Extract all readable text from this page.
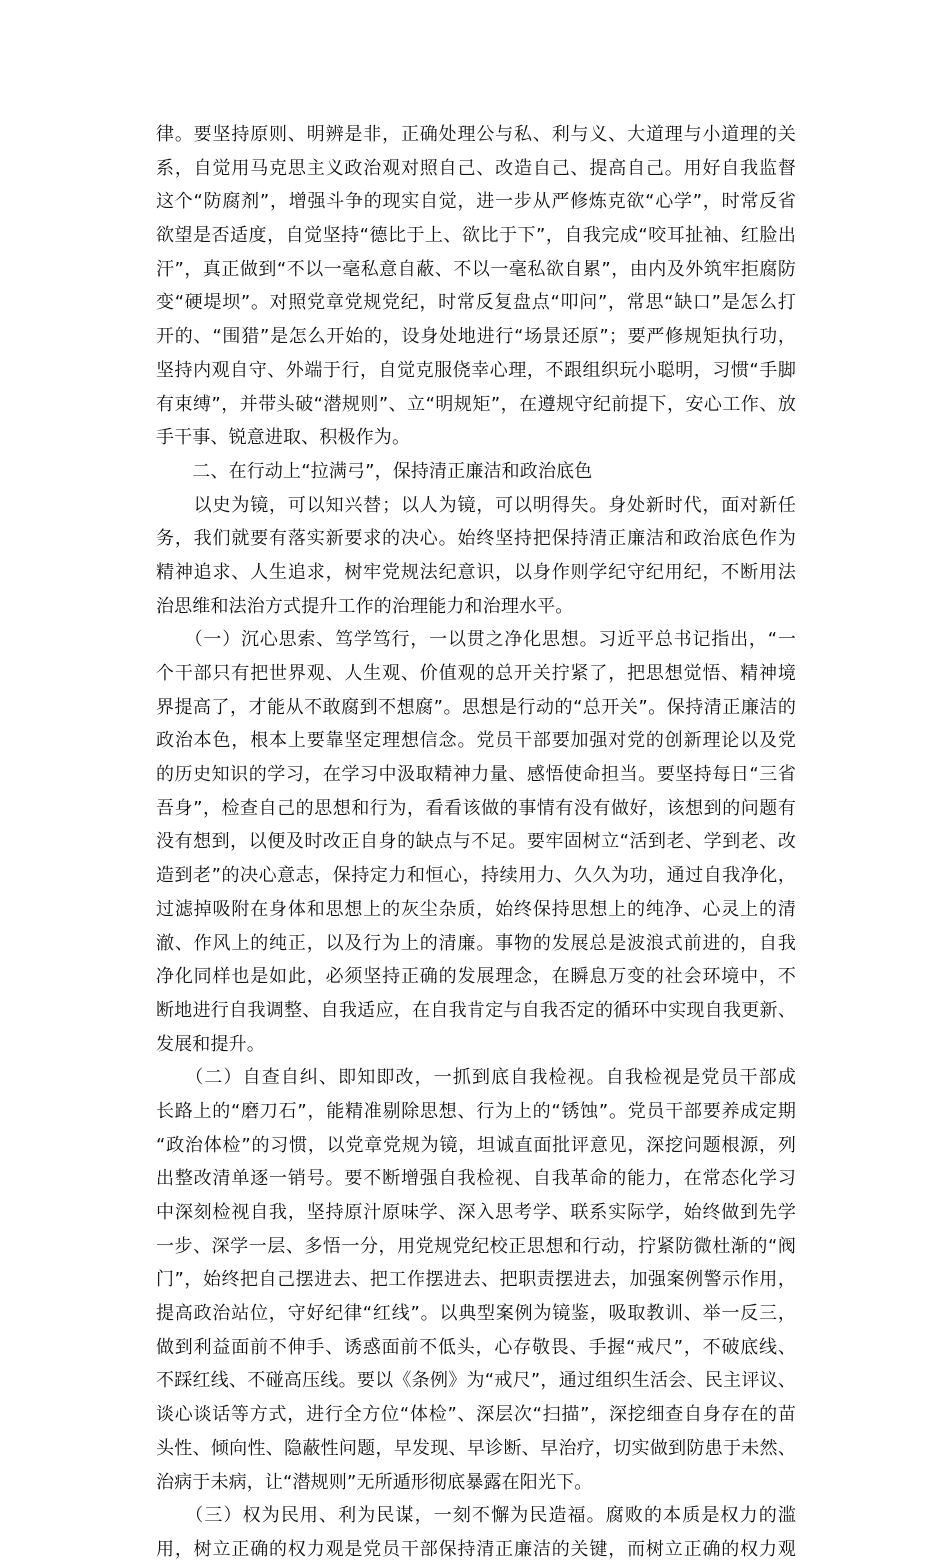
律。要坚持原则、明辨是非，正确处理公与私、利与义、大道理与小道理的关
系，自觉用马克思主义政治观对照自己、改造自己、提高自己。用好自我监督
这个“防腐剂”，增强斗争的现实自觉，进一步从严修炼克欲“心学”，时常反省
欲望是否适度，自觉坚持“德比于上、欲比于下”，自我完成“咬耳扯袖、红脸出
汗”，真正做到“不以一毫私意自蔽、不以一毫私欲自累”，由内及外筑牢拒腐防
变“硬堤坝”。对照党章党规党纪，时常反复盘点“叩问”，常思“缺口”是怎么打
开的、“围猎”是怎么开始的，设身处地进行“场景还原”；要严修规矩执行功，
坚持内观自守、外端于行，自觉克服侥幸心理，不跟组织玩小聪明，习惯“手脚
有束缚”，并带头破“潜规则”、立“明规矩”，在遵规守纪前提下，安心工作、放
手干事、锐意进取、积极作为。
　　二、在行动上“拉满弓”，保持清正廉洁和政治底色
　　以史为镜，可以知兴替；以人为镜，可以明得失。身处新时代，面对新任
务，我们就要有落实新要求的决心。始终坚持把保持清正廉洁和政治底色作为
精神追求、人生追求，树牢党规法纪意识，以身作则学纪守纪用纪，不断用法
治思维和法治方式提升工作的治理能力和治理水平。
　　（一）沉心思索、笃学笃行，一以贯之净化思想。习近平总书记指出，“一
个干部只有把世界观、人生观、价值观的总开关拧紧了，把思想觉悟、精神境
界提高了，才能从不敢腐到不想腐”。思想是行动的“总开关”。保持清正廉洁的
政治本色，根本上要靠坚定理想信念。党员干部要加强对党的创新理论以及党
的历史知识的学习，在学习中汲取精神力量、感悟使命担当。要坚持每日“三省
吾身”，检查自己的思想和行为，看看该做的事情有没有做好，该想到的问题有
没有想到，以便及时改正自身的缺点与不足。要牢固树立“活到老、学到老、改
造到老”的决心意志，保持定力和恒心，持续用力、久久为功，通过自我净化，
过滤掉吸附在身体和思想上的灰尘杂质，始终保持思想上的纯净、心灵上的清
澈、作风上的纯正，以及行为上的清廉。事物的发展总是波浪式前进的，自我
净化同样也是如此，必须坚持正确的发展理念，在瞬息万变的社会环境中，不
断地进行自我调整、自我适应，在自我肯定与自我否定的循环中实现自我更新、
发展和提升。
　　（二）自查自纠、即知即改，一抓到底自我检视。自我检视是党员干部成
长路上的“磨刀石”，能精准剔除思想、行为上的“锈蚀”。党员干部要养成定期
“政治体检”的习惯，以党章党规为镜，坦诚直面批评意见，深挖问题根源，列
出整改清单逐一销号。要不断增强自我检视、自我革命的能力，在常态化学习
中深刻检视自我，坚持原汁原味学、深入思考学、联系实际学，始终做到先学
一步、深学一层、多悟一分，用党规党纪校正思想和行动，拧紧防微杜渐的“阀
门”，始终把自己摆进去、把工作摆进去、把职责摆进去，加强案例警示作用，
提高政治站位，守好纪律“红线”。以典型案例为镜鉴，吸取教训、举一反三，
做到利益面前不伸手、诱惑面前不低头，心存敬畏、手握“戒尺”，不破底线、
不踩红线、不碰高压线。要以《条例》为“戒尺”，通过组织生活会、民主评议、
谈心谈话等方式，进行全方位“体检”、深层次“扫描”，深挖细查自身存在的苗
头性、倾向性、隐蔽性问题，早发现、早诊断、早治疗，切实做到防患于未然、
治病于未病，让“潜规则”无所遁形彻底暴露在阳光下。
　　（三）权为民用、利为民谋，一刻不懈为民造福。腐败的本质是权力的滥
用，树立正确的权力观是党员干部保持清正廉洁的关键，而树立正确的权力观
